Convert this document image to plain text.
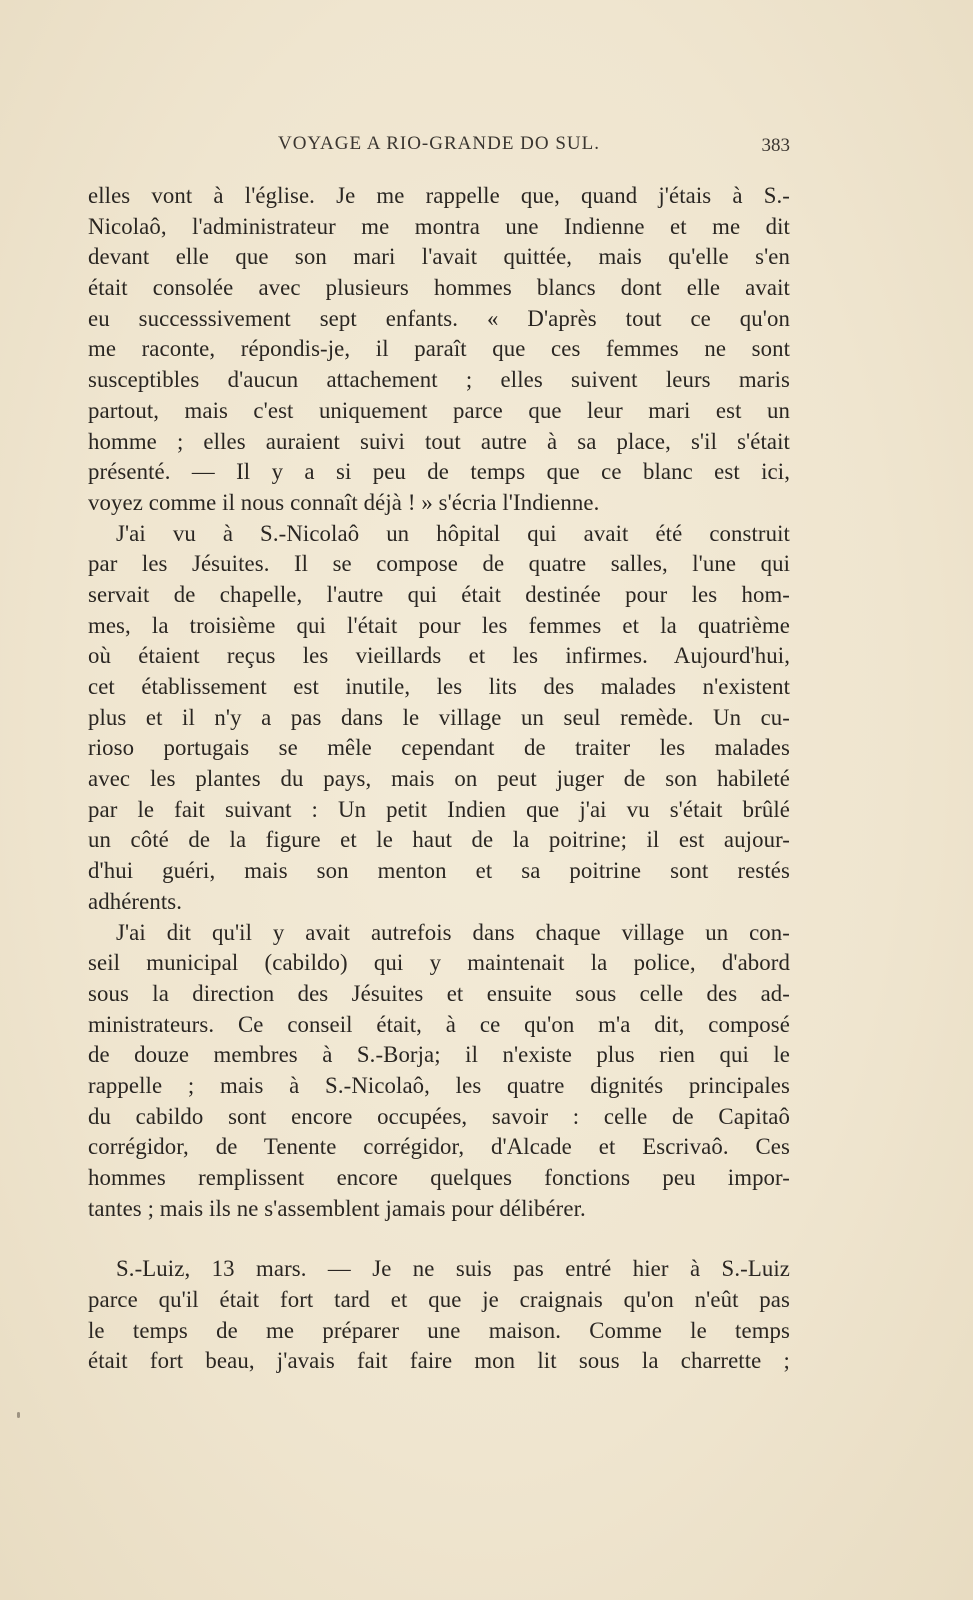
VOYAGE A RIO-GRANDE DO SUL.	383
elles vont à l'église. Je me rappelle que, quand j'étais à S.-
Nicolaô, l'administrateur me montra une Indienne et me dit
devant elle que son mari l'avait quittée, mais qu'elle s'en
était consolée avec plusieurs hommes blancs dont elle avait
eu successsivement sept enfants. « D'après tout ce qu'on
me raconte, répondis-je, il paraît que ces femmes ne sont
susceptibles d'aucun attachement ; elles suivent leurs maris
partout, mais c'est uniquement parce que leur mari est un
homme ; elles auraient suivi tout autre à sa place, s'il s'était
présenté. — Il y a si peu de temps que ce blanc est ici,
voyez comme il nous connaît déjà ! » s'écria l'Indienne.
J'ai vu à S.-Nicolaô un hôpital qui avait été construit
par les Jésuites. Il se compose de quatre salles, l'une qui
servait de chapelle, l'autre qui était destinée pour les hom-
mes, la troisième qui l'était pour les femmes et la quatrième
où étaient reçus les vieillards et les infirmes. Aujourd'hui,
cet établissement est inutile, les lits des malades n'existent
plus et il n'y a pas dans le village un seul remède. Un cu-
rioso portugais se mêle cependant de traiter les malades
avec les plantes du pays, mais on peut juger de son habileté
par le fait suivant : Un petit Indien que j'ai vu s'était brûlé
un côté de la figure et le haut de la poitrine; il est aujour-
d'hui guéri, mais son menton et sa poitrine sont restés
adhérents.
J'ai dit qu'il y avait autrefois dans chaque village un con-
seil municipal (cabildo) qui y maintenait la police, d'abord
sous la direction des Jésuites et ensuite sous celle des ad-
ministrateurs. Ce conseil était, à ce qu'on m'a dit, composé
de douze membres à S.-Borja; il n'existe plus rien qui le
rappelle ; mais à S.-Nicolaô, les quatre dignités principales
du cabildo sont encore occupées, savoir : celle de Capitaô
corrégidor, de Tenente corrégidor, d'Alcade et Escrivaô. Ces
hommes remplissent encore quelques fonctions peu impor-
tantes ; mais ils ne s'assemblent jamais pour délibérer.
S.-Luiz, 13 mars. — Je ne suis pas entré hier à S.-Luiz
parce qu'il était fort tard et que je craignais qu'on n'eût pas
le temps de me préparer une maison. Comme le temps
était fort beau, j'avais fait faire mon lit sous la charrette ;
